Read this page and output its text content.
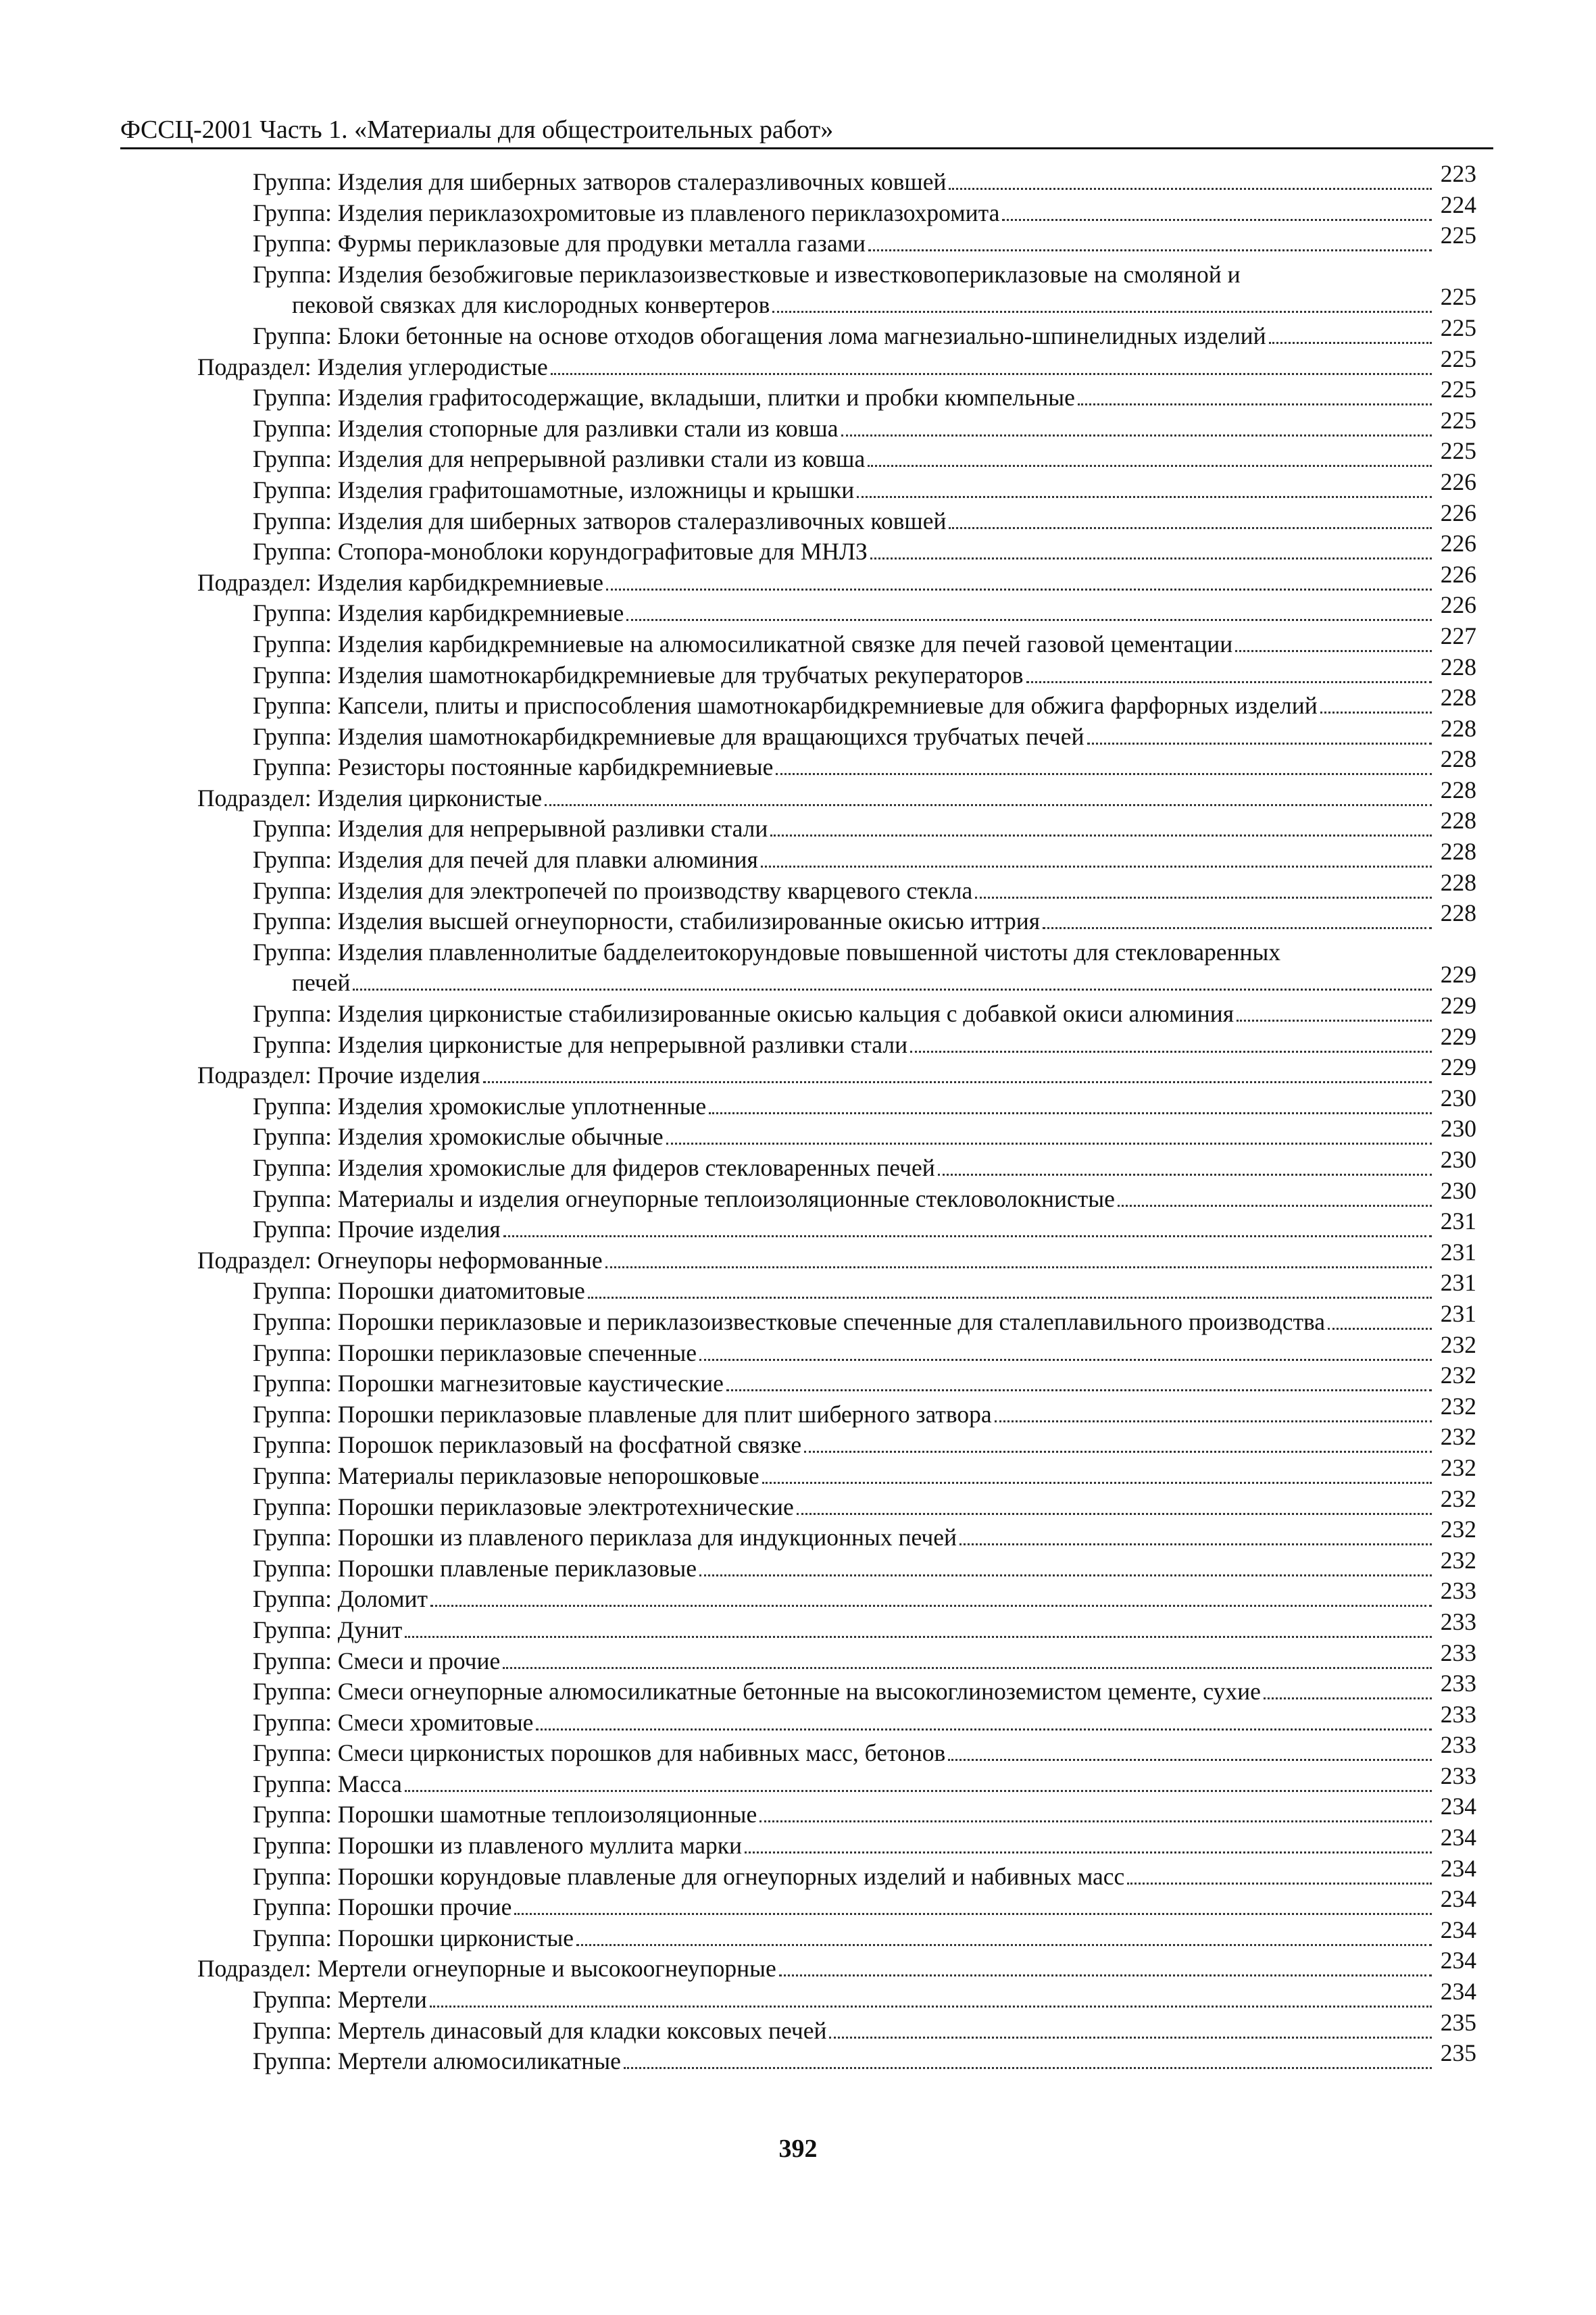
ФССЦ-2001 Часть 1. «Материалы для общестроительных работ»
Группа: Изделия для шиберных затворов сталеразливочных ковшей	223
Группа: Изделия периклазохромитовые из плавленого периклазохромита	224
Группа: Фурмы периклазовые для продувки металла газами	225
Группа: Изделия безобжиговые периклазоизвестковые и известковопериклазовые на смоляной и
пековой связках для кислородных конвертеров	225
Группа: Блоки бетонные на основе отходов обогащения лома магнезиально-шпинелидных изделий	225
Подраздел: Изделия углеродистые	225
Группа: Изделия графитосодержащие, вкладыши, плитки и пробки кюмпельные	225
Группа: Изделия стопорные для разливки стали из ковша	225
Группа: Изделия для непрерывной разливки стали из ковша	225
Группа: Изделия графитошамотные, изложницы и крышки	226
Группа: Изделия для шиберных затворов сталеразливочных ковшей	226
Группа: Стопора-моноблоки корундографитовые для МНЛЗ	226
Подраздел: Изделия карбидкремниевые	226
Группа: Изделия карбидкремниевые	226
Группа: Изделия карбидкремниевые на алюмосиликатной связке для печей газовой цементации	227
Группа: Изделия шамотнокарбидкремниевые для трубчатых рекуператоров	228
Группа: Капсели, плиты и приспособления шамотнокарбидкремниевые для обжига фарфорных изделий	228
Группа: Изделия шамотнокарбидкремниевые для вращающихся трубчатых печей	228
Группа: Резисторы постоянные карбидкремниевые	228
Подраздел: Изделия цирконистые	228
Группа: Изделия для непрерывной разливки стали	228
Группа: Изделия для печей для плавки алюминия	228
Группа: Изделия для электропечей по производству кварцевого стекла	228
Группа: Изделия высшей огнеупорности, стабилизированные окисью иттрия	228
Группа: Изделия плавленнолитые бадделеитокорундовые повышенной чистоты для стекловаренных
печей	229
Группа: Изделия цирконистые стабилизированные окисью кальция с добавкой окиси алюминия	229
Группа: Изделия цирконистые для непрерывной разливки стали	229
Подраздел: Прочие изделия	229
Группа: Изделия хромокислые уплотненные	230
Группа: Изделия хромокислые обычные	230
Группа: Изделия хромокислые для фидеров стекловаренных печей	230
Группа: Материалы и изделия огнеупорные теплоизоляционные стекловолокнистые	230
Группа: Прочие изделия	231
Подраздел: Огнеупоры неформованные	231
Группа: Порошки диатомитовые	231
Группа: Порошки периклазовые и периклазоизвестковые спеченные для сталеплавильного производства	231
Группа: Порошки периклазовые спеченные	232
Группа: Порошки магнезитовые каустические	232
Группа: Порошки периклазовые плавленые для плит шиберного затвора	232
Группа: Порошок периклазовый на фосфатной связке	232
Группа: Материалы периклазовые непорошковые	232
Группа: Порошки периклазовые электротехнические	232
Группа: Порошки из плавленого периклаза для индукционных печей	232
Группа: Порошки плавленые периклазовые	232
Группа: Доломит	233
Группа: Дунит	233
Группа: Смеси и прочие	233
Группа: Смеси огнеупорные алюмосиликатные бетонные на высокоглиноземистом цементе, сухие	233
Группа: Смеси хромитовые	233
Группа: Смеси цирконистых порошков для набивных масс, бетонов	233
Группа: Масса	233
Группа: Порошки шамотные теплоизоляционные	234
Группа: Порошки из плавленого муллита марки	234
Группа: Порошки корундовые плавленые для огнеупорных изделий и набивных масс	234
Группа: Порошки прочие	234
Группа: Порошки цирконистые	234
Подраздел: Мертели огнеупорные и высокоогнеупорные	234
Группа: Мертели	234
Группа: Мертель динасовый для кладки коксовых печей	235
Группа: Мертели алюмосиликатные	235
392
